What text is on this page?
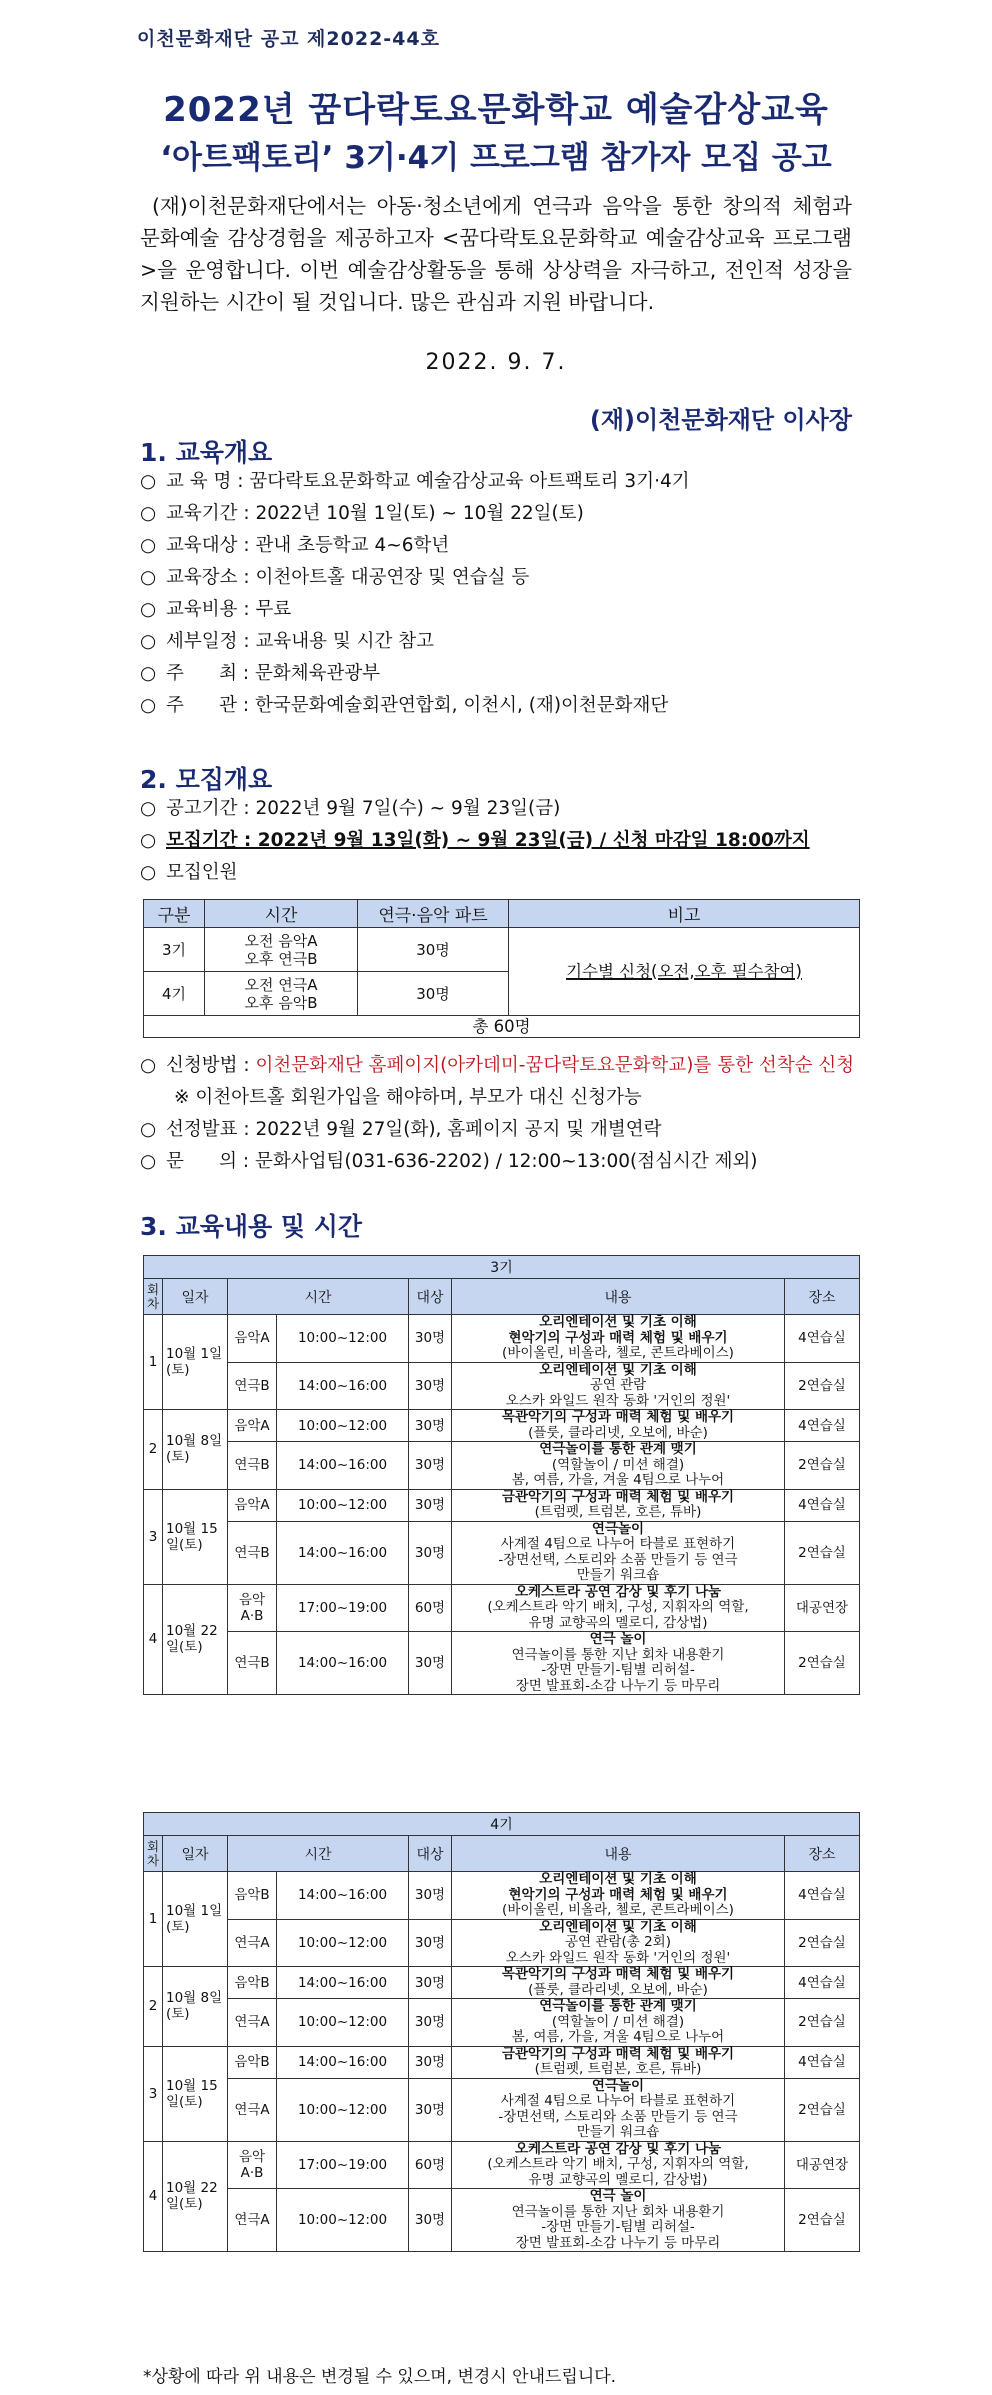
이천문화재단 공고 제2022-44호
2022년 꿈다락토요문화학교 예술감상교육
‘아트팩토리’ 3기·4기 프로그램 참가자 모집 공고
(재)이천문화재단에서는 아동·청소년에게 연극과 음악을 통한 창의적 체험과 문화예술 감상경험을 제공하고자 <꿈다락토요문화학교 예술감상교육 프로그램>을 운영합니다. 이번 예술감상활동을 통해 상상력을 자극하고, 전인적 성장을 지원하는 시간이 될 것입니다. 많은 관심과 지원 바랍니다.
2022. 9. 7.
(재)이천문화재단 이사장
1. 교육개요
○ 교 육 명 : 꿈다락토요문화학교 예술감상교육 아트팩토리 3기·4기
○ 교육기간 : 2022년 10월 1일(토) ~ 10월 22일(토)
○ 교육대상 : 관내 초등학교 4~6학년
○ 교육장소 : 이천아트홀 대공연장 및 연습실 등
○ 교육비용 : 무료
○ 세부일정 : 교육내용 및 시간 참고
○ 주      최 : 문화체육관광부
○ 주      관 : 한국문화예술회관연합회, 이천시, (재)이천문화재단
2. 모집개요
○ 공고기간 : 2022년 9월 7일(수) ~ 9월 23일(금)
○ 모집기간 : 2022년 9월 13일(화) ~ 9월 23일(금) / 신청 마감일 18:00까지
○ 모집인원
구분	시간	연극·음악 파트	비고
3기	오전 음악A
오후 연극B	30명	기수별 신청(오전,오후 필수참여)
4기	오전 연극A
오후 음악B	30명	
총 60명			
○ 신청방법 : 이천문화재단 홈페이지(아카데미-꿈다락토요문화학교)를 통한 선착순 신청
※ 이천아트홀 회원가입을 해야하며, 부모가 대신 신청가능
○ 선정발표 : 2022년 9월 27일(화), 홈페이지 공지 및 개별연락
○ 문      의 : 문화사업팀(031-636-2202) / 12:00~13:00(점심시간 제외)
3. 교육내용 및 시간
3기						
회차	일자	시간		대상	내용	장소
1	10월 1일(토)	음악A	10:00~12:00	30명	오리엔테이션 및 기초 이해
현악기의 구성과 매력 체험 및 배우기
(바이올린, 비올라, 첼로, 콘트라베이스)	4연습실
		연극B	14:00~16:00	30명	오리엔테이션 및 기초 이해
공연 관람
오스카 와일드 원작 동화 '거인의 정원'	2연습실
2	10월 8일(토)	음악A	10:00~12:00	30명	목관악기의 구성과 매력 체험 및 배우기
(플룻, 클라리넷, 오보에, 바순)	4연습실
		연극B	14:00~16:00	30명	연극놀이를 통한 관계 맺기
(역할놀이 / 미션 해결)
봄, 여름, 가을, 겨울 4팀으로 나누어	2연습실
3	10월 15일(토)	음악A	10:00~12:00	30명	금관악기의 구성과 매력 체험 및 배우기
(트럼펫, 트럼본, 호른, 튜바)	4연습실
		연극B	14:00~16:00	30명	연극놀이
사계절 4팀으로 나누어 타블로 표현하기
-장면선택, 스토리와 소품 만들기 등 연극
만들기 워크숍	2연습실
4	10월 22일(토)	음악 A·B	17:00~19:00	60명	오케스트라 공연 감상 및 후기 나눔
(오케스트라 악기 배치, 구성, 지휘자의 역할,
유명 교향곡의 멜로디, 감상법)	대공연장
		연극B	14:00~16:00	30명	연극 놀이
연극놀이를 통한 지난 회차 내용환기
-장면 만들기-팀별 리허설-
장면 발표회-소감 나누기 등 마무리	2연습실
4기						
회차	일자	시간		대상	내용	장소
1	10월 1일(토)	음악B	14:00~16:00	30명	오리엔테이션 및 기초 이해
현악기의 구성과 매력 체험 및 배우기
(바이올린, 비올라, 첼로, 콘트라베이스)	4연습실
		연극A	10:00~12:00	30명	오리엔테이션 및 기초 이해
공연 관람(총 2회)
오스카 와일드 원작 동화 '거인의 정원'	2연습실
2	10월 8일(토)	음악B	14:00~16:00	30명	목관악기의 구성과 매력 체험 및 배우기
(플룻, 클라리넷, 오보에, 바순)	4연습실
		연극A	10:00~12:00	30명	연극놀이를 통한 관계 맺기
(역할놀이 / 미션 해결)
봄, 여름, 가을, 겨울 4팀으로 나누어	2연습실
3	10월 15일(토)	음악B	14:00~16:00	30명	금관악기의 구성과 매력 체험 및 배우기
(트럼펫, 트럼본, 호른, 튜바)	4연습실
		연극A	10:00~12:00	30명	연극놀이
사계절 4팀으로 나누어 타블로 표현하기
-장면선택, 스토리와 소품 만들기 등 연극
만들기 워크숍	2연습실
4	10월 22일(토)	음악 A·B	17:00~19:00	60명	오케스트라 공연 감상 및 후기 나눔
(오케스트라 악기 배치, 구성, 지휘자의 역할,
유명 교향곡의 멜로디, 감상법)	대공연장
		연극A	10:00~12:00	30명	연극 놀이
연극놀이를 통한 지난 회차 내용환기
-장면 만들기-팀별 리허설-
장면 발표회-소감 나누기 등 마무리	2연습실
*상황에 따라 위 내용은 변경될 수 있으며, 변경시 안내드립니다.
